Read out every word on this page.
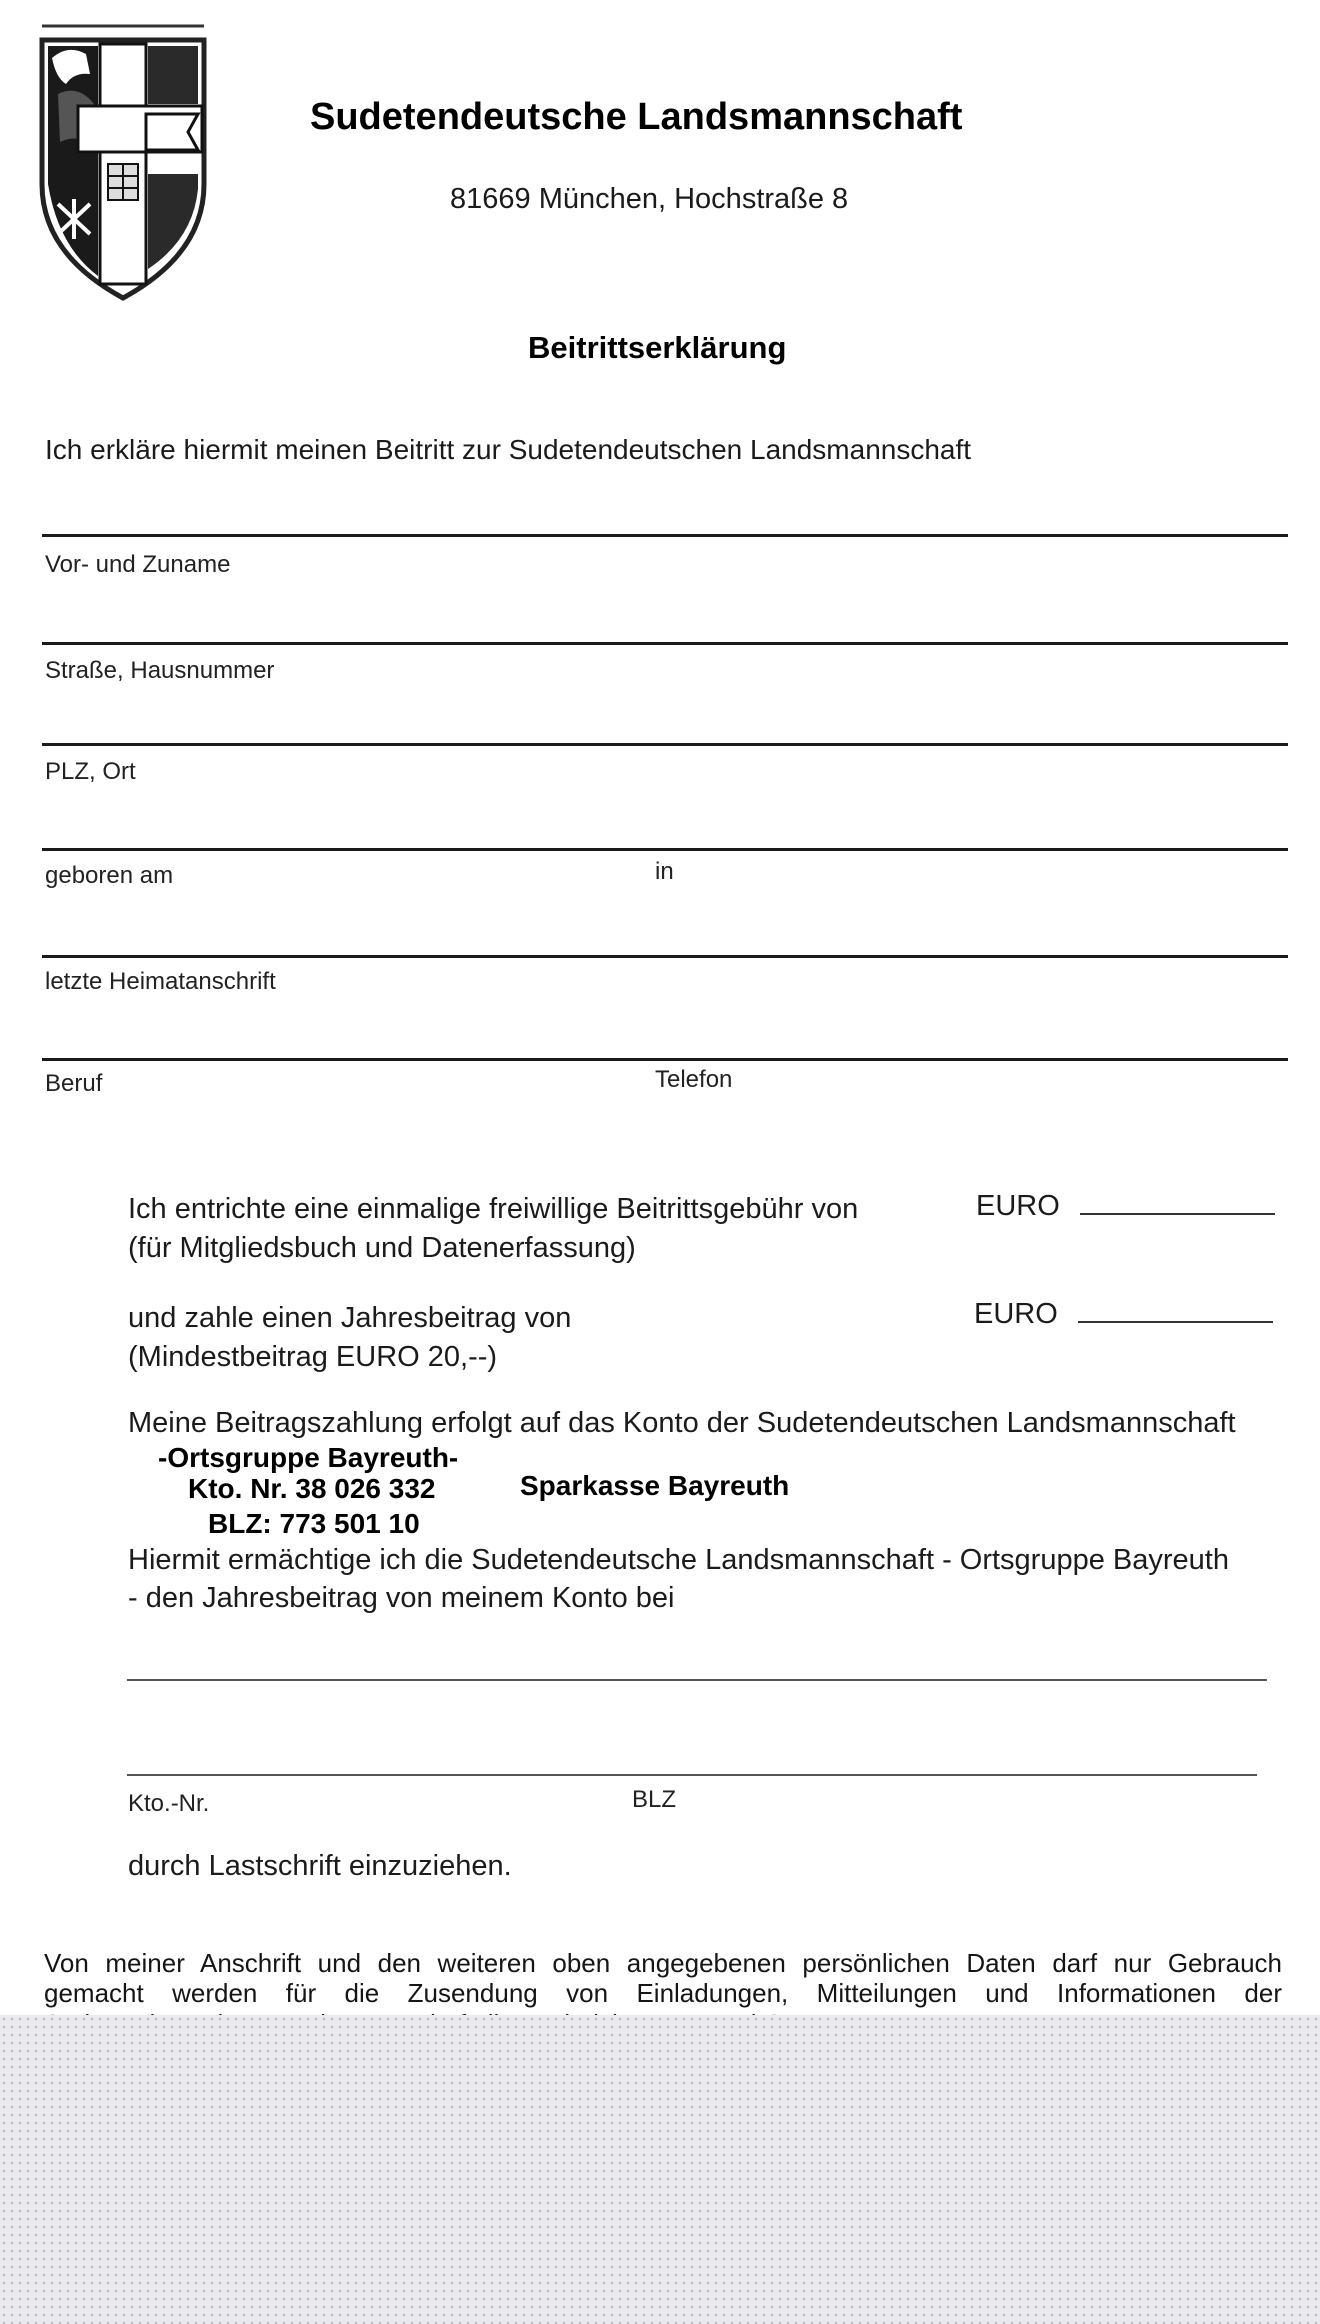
Sudetendeutsche Landsmannschaft
81669 München, Hochstraße 8
Beitrittserklärung
Ich erkläre hiermit meinen Beitritt zur Sudetendeutschen Landsmannschaft
Vor- und Zuname
Straße, Hausnummer
PLZ, Ort
geboren am	in
letzte Heimatanschrift
Beruf	Telefon
Ich entrichte eine einmalige freiwillige Beitrittsgebühr von
(für Mitgliedsbuch und Datenerfassung)
EURO
und zahle einen Jahresbeitrag von
(Mindestbeitrag EURO 20,--)
EURO
Meine Beitragszahlung erfolgt auf das Konto der Sudetendeutschen Landsmannschaft
-Ortsgruppe Bayreuth-
Kto. Nr. 38 026 332	Sparkasse Bayreuth
BLZ: 773 501 10
Hiermit ermächtige ich die Sudetendeutsche Landsmannschaft - Ortsgruppe Bayreuth
- den Jahresbeitrag von meinem Konto bei
Kto.-Nr.	BLZ
durch Lastschrift einzuziehen.
Von meiner Anschrift und den weiteren oben angegebenen persönlichen Daten darf nur Gebrauch
gemacht werden für die Zusendung von Einladungen, Mitteilungen und Informationen der
